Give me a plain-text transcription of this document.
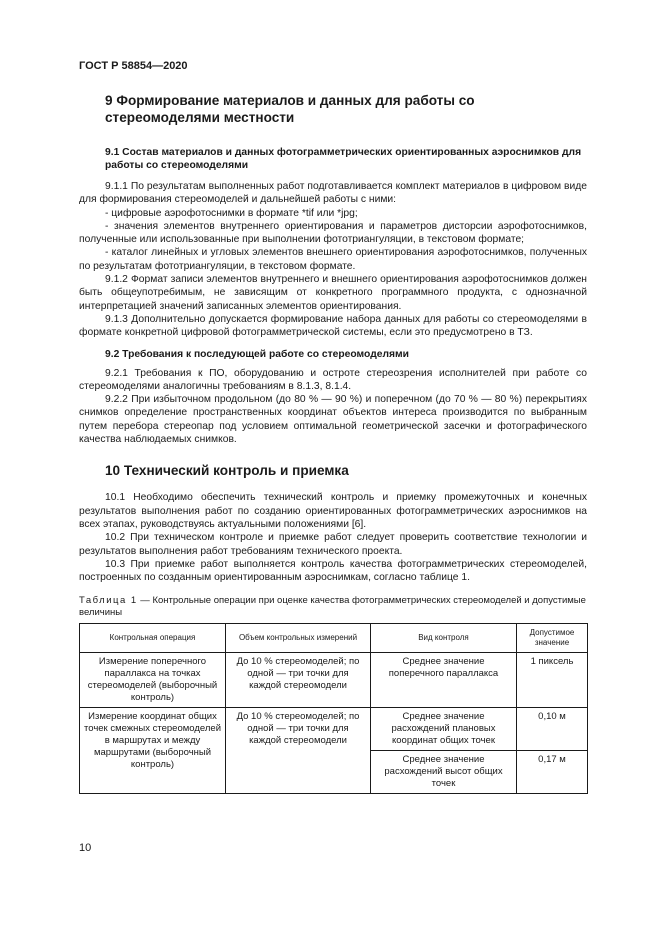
ГОСТ Р 58854—2020
9 Формирование материалов и данных для работы со стереомоделями местности
9.1 Состав материалов и данных фотограмметрических ориентированных аэроснимков для работы со стереомоделями

9.1.1 По результатам выполненных работ подготавливается комплект материалов в цифровом виде для формирования стереомоделей и дальнейшей работы с ними:

- цифровые аэрофотоснимки в формате *tif или *jpg;

- значения элементов внутреннего ориентирования и параметров дисторсии аэрофотоснимков, полученные или использованные при выполнении фототриангуляции, в текстовом формате;

- каталог линейных и угловых элементов внешнего ориентирования аэрофотоснимков, полученных по результатам фототриангуляции, в текстовом формате.

9.1.2 Формат записи элементов внутреннего и внешнего ориентирования аэрофотоснимков должен быть общеупотребимым, не зависящим от конкретного программного продукта, с однозначной интерпретацией значений записанных элементов ориентирования.

9.1.3 Дополнительно допускается формирование набора данных для работы со стереомоделями в формате конкретной цифровой фотограмметрической системы, если это предусмотрено в ТЗ.

9.2 Требования к последующей работе со стереомоделями

9.2.1 Требования к ПО, оборудованию и остроте стереозрения исполнителей при работе со стереомоделями аналогичны требованиям в 8.1.3, 8.1.4.

9.2.2 При избыточном продольном (до 80 % — 90 %) и поперечном (до 70 % — 80 %) перекрытиях снимков определение пространственных координат объектов интереса производится по выбранным путем перебора стереопар под условием оптимальной геометрической засечки и фотографического качества наблюдаемых снимков.

10 Технический контроль и приемка

10.1 Необходимо обеспечить технический контроль и приемку промежуточных и конечных результатов выполнения работ по созданию ориентированных фотограмметрических аэроснимков на всех этапах, руководствуясь актуальными положениями [6].

10.2 При техническом контроле и приемке работ следует проверить соответствие технологии и результатов выполнения работ требованиям технического проекта.

10.3 При приемке работ выполняется контроль качества фотограмметрических стереомоделей, построенных по созданным ориентированным аэроснимкам, согласно таблице 1.

Таблица 1 — Контрольные операции при оценке качества фотограмметрических стереомоделей и допустимые величины
Контрольная операция	Объем контрольных измерений	Вид контроля	Допустимое значение
Измерение поперечного параллакса на точках стереомоделей (выборочный контроль)	До 10 % стереомоделей; по одной — три точки для каждой стереомодели	Среднее значение поперечного параллакса	1 пиксель
Измерение координат общих точек смежных стереомоделей в маршрутах и между маршрутами (выборочный контроль)	До 10 % стереомоделей; по одной — три точки для каждой стереомодели	Среднее значение расхождений плановых координат общих точек	0,10 м
		Среднее значение расхождений высот общих точек	0,17 м
10
